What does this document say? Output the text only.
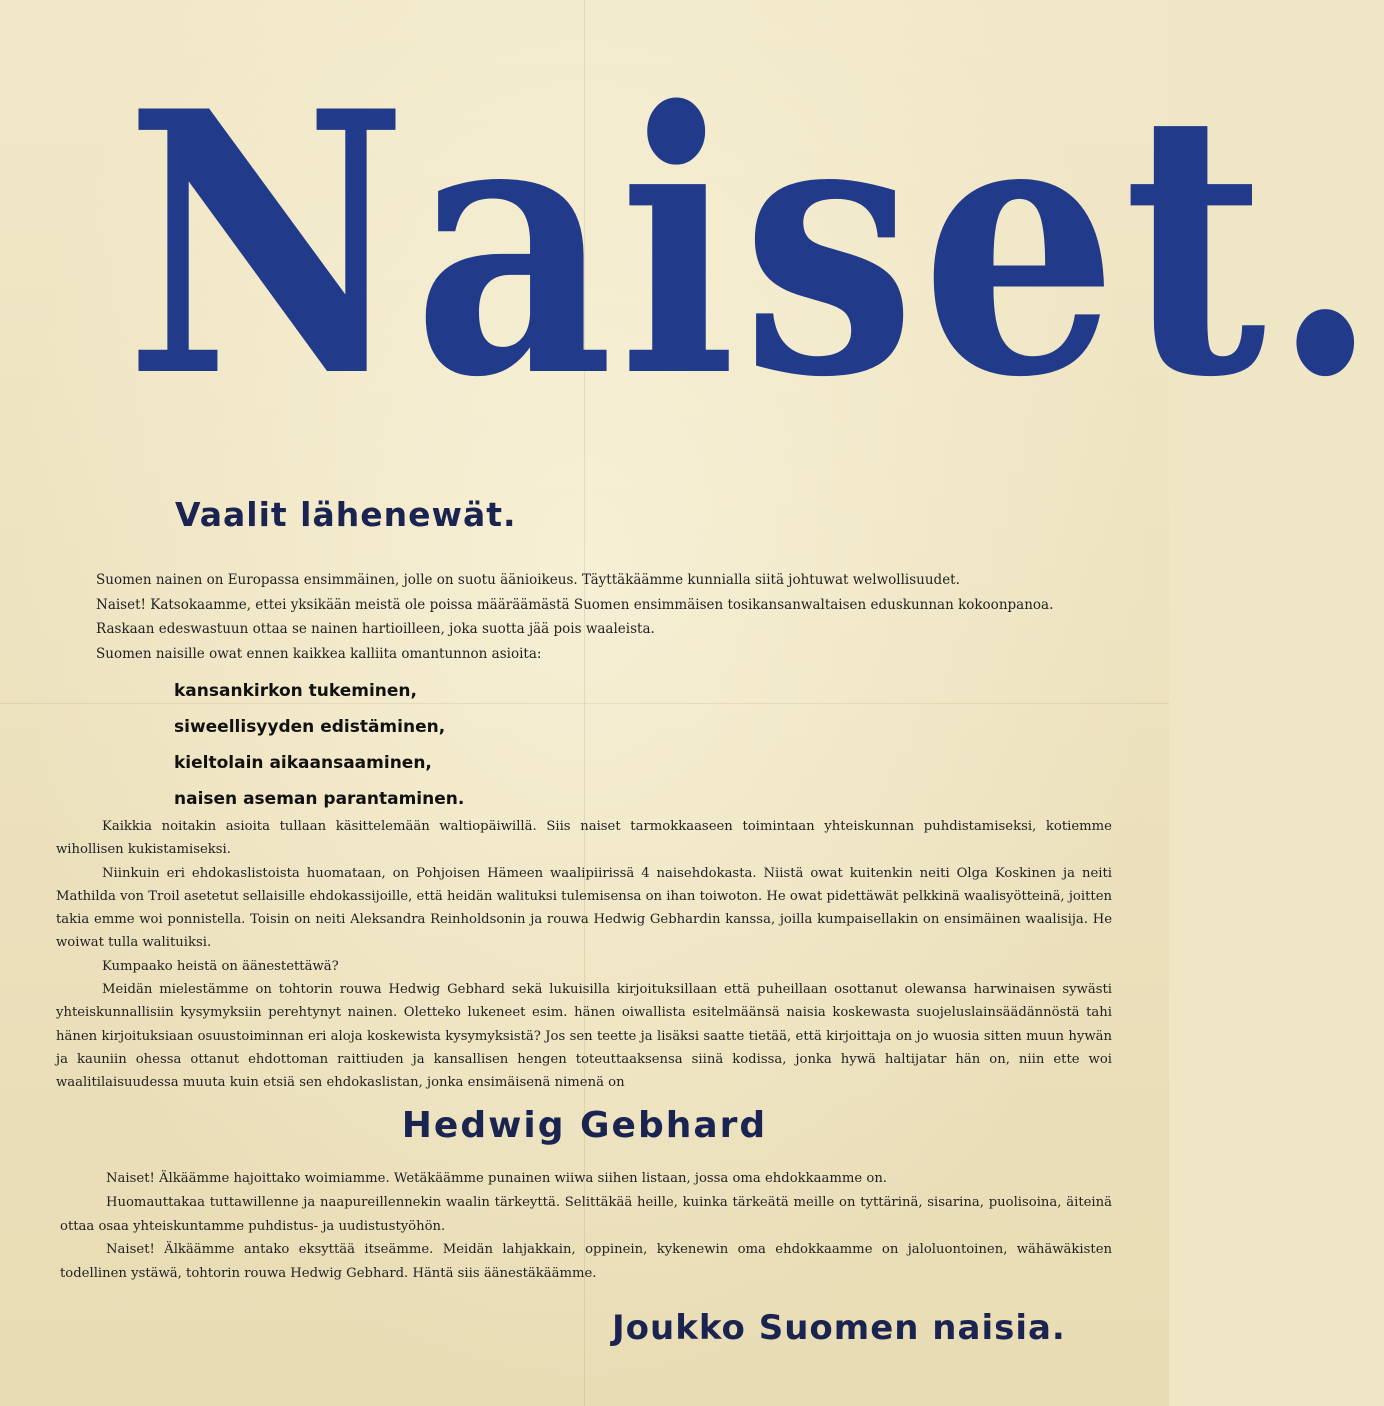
Naiset.
Vaalit lähenewät.

Suomen nainen on Europassa ensimmäinen, jolle on suotu äänioikeus. Täyttäkäämme kunnialla siitä johtuwat welwollisuudet.

Naiset! Katsokaamme, ettei yksikään meistä ole poissa määräämästä Suomen ensimmäisen tosikansanwaltaisen eduskunnan kokoonpanoa.

Raskaan edeswastuun ottaa se nainen hartioilleen, joka suotta jää pois waaleista.

Suomen naisille owat ennen kaikkea kalliita omantunnon asioita:

kansankirkon tukeminen,
siweellisyyden edistäminen,
kieltolain aikaansaaminen,
naisen aseman parantaminen.

Kaikkia noitakin asioita tullaan käsittelemään waltiopäiwillä. Siis naiset tarmokkaaseen toimintaan yhteiskunnan puhdistamiseksi, kotiemme wihollisen kukistamiseksi.

Niinkuin eri ehdokaslistoista huomataan, on Pohjoisen Hämeen waalipiirissä 4 naisehdokasta. Niistä owat kuitenkin neiti Olga Koskinen ja neiti Mathilda von Troil asetetut sellaisille ehdokassijoille, että heidän walituksi tulemisensa on ihan toiwoton. He owat pidettäwät pelkkinä waalisyötteinä, joitten takia emme woi ponnistella. Toisin on neiti Aleksandra Reinholdsonin ja rouwa Hedwig Gebhardin kanssa, joilla kumpaisellakin on ensimäinen waalisija. He woiwat tulla walituiksi.

Kumpaako heistä on äänestettäwä?

Meidän mielestämme on tohtorin rouwa Hedwig Gebhard sekä lukuisilla kirjoituksillaan että puheillaan osottanut olewansa harwinaisen sywästi yhteiskunnallisiin kysymyksiin perehtynyt nainen. Oletteko lukeneet esim. hänen oiwallista esitelmäänsä naisia koskewasta suojeluslainsäädännöstä tahi hänen kirjoituksiaan osuustoiminnan eri aloja koskewista kysymyksistä? Jos sen teette ja lisäksi saatte tietää, että kirjoittaja on jo wuosia sitten muun hywän ja kauniin ohessa ottanut ehdottoman raittiuden ja kansallisen hengen toteuttaaksensa siinä kodissa, jonka hywä haltijatar hän on, niin ette woi waalitilaisuudessa muuta kuin etsiä sen ehdokaslistan, jonka ensimäisenä nimenä on

Hedwig Gebhard

Naiset! Älkäämme hajoittako woimiamme. Wetäkäämme punainen wiiwa siihen listaan, jossa oma ehdokkaamme on.

Huomauttakaa tuttawillenne ja naapureillennekin waalin tärkeyttä. Selittäkää heille, kuinka tärkeätä meille on tyttärinä, sisarina, puolisoina, äiteinä ottaa osaa yhteiskuntamme puhdistus- ja uudistustyöhön.

Naiset! Älkäämme antako eksyttää itseämme. Meidän lahjakkain, oppinein, kykenewin oma ehdokkaamme on jaloluontoinen, wähäwäkisten todellinen ystäwä, tohtorin rouwa Hedwig Gebhard. Häntä siis äänestäkäämme.

Joukko Suomen naisia.
